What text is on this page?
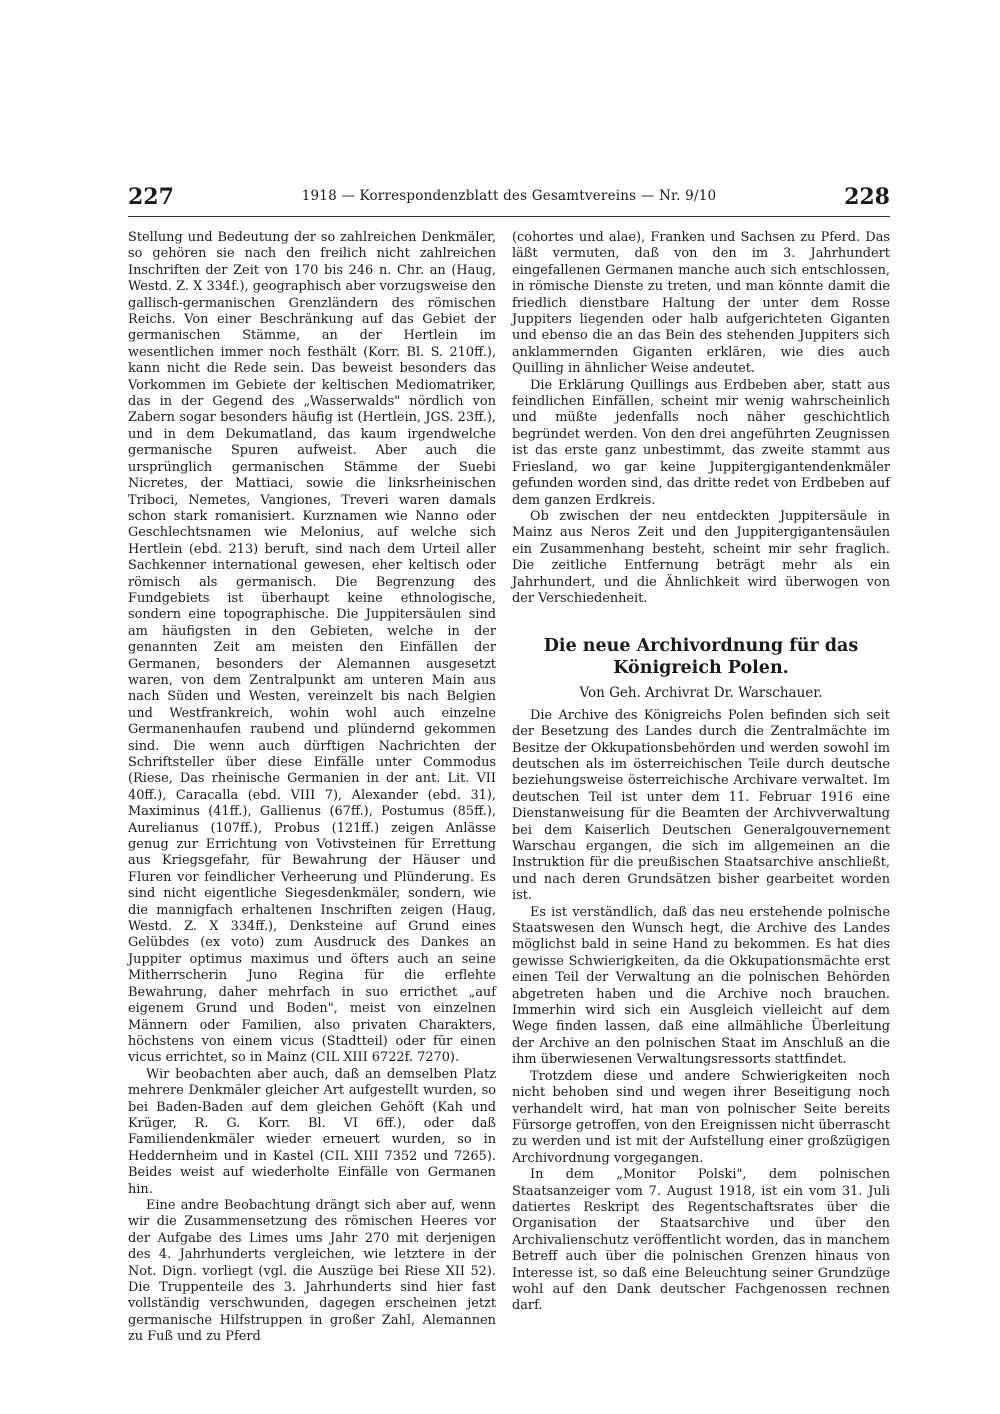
227	1918 — Korrespondenzblatt des Gesamtvereins — Nr. 9/10	228

Stellung und Bedeutung der so zahlreichen Denkmäler, so gehören sie nach den freilich nicht zahlreichen Inschriften der Zeit von 170 bis 246 n. Chr. an (Haug, Westd. Z. X 334f.), geographisch aber vorzugsweise den gallisch-germanischen Grenzländern des römischen Reichs. Von einer Beschränkung auf das Gebiet der germanischen Stämme, an der Hertlein im wesentlichen immer noch festhält (Korr. Bl. S. 210ff.), kann nicht die Rede sein. Das beweist besonders das Vorkommen im Gebiete der keltischen Mediomatriker, das in der Gegend des „Wasserwalds" nördlich von Zabern sogar besonders häufig ist (Hertlein, JGS. 23ff.), und in dem Dekumatland, das kaum irgendwelche germanische Spuren aufweist. Aber auch die ursprünglich germanischen Stämme der Suebi Nicretes, der Mattiaci, sowie die linksrheinischen Triboci, Nemetes, Vangiones, Treveri waren damals schon stark romanisiert. Kurznamen wie Nanno oder Geschlechtsnamen wie Melonius, auf welche sich Hertlein (ebd. 213) beruft, sind nach dem Urteil aller Sachkenner international gewesen, eher keltisch oder römisch als germanisch. Die Begrenzung des Fundgebiets ist überhaupt keine ethnologische, sondern eine topographische. Die Juppitersäulen sind am häufigsten in den Gebieten, welche in der genannten Zeit am meisten den Einfällen der Germanen, besonders der Alemannen ausgesetzt waren, von dem Zentralpunkt am unteren Main aus nach Süden und Westen, vereinzelt bis nach Belgien und Westfrankreich, wohin wohl auch einzelne Germanenhaufen raubend und plündernd gekommen sind. Die wenn auch dürftigen Nachrichten der Schriftsteller über diese Einfälle unter Commodus (Riese, Das rheinische Germanien in der ant. Lit. VII 40ff.), Caracalla (ebd. VIII 7), Alexander (ebd. 31), Maximinus (41ff.), Gallienus (67ff.), Postumus (85ff.), Aurelianus (107ff.), Probus (121ff.) zeigen Anlässe genug zur Errichtung von Votivsteinen für Errettung aus Kriegsgefahr, für Bewahrung der Häuser und Fluren vor feindlicher Verheerung und Plünderung. Es sind nicht eigentliche Siegesdenkmäler, sondern, wie die mannigfach erhaltenen Inschriften zeigen (Haug, Westd. Z. X 334ff.), Denksteine auf Grund eines Gelübdes (ex voto) zum Ausdruck des Dankes an Juppiter optimus maximus und öfters auch an seine Mitherrscherin Juno Regina für die erflehte Bewahrung, daher mehrfach in suo erricthet „auf eigenem Grund und Boden", meist von einzelnen Männern oder Familien, also privaten Charakters, höchstens von einem vicus (Stadtteil) oder für einen vicus errichtet, so in Mainz (CIL XIII 6722f. 7270).

Wir beobachten aber auch, daß an demselben Platz mehrere Denkmäler gleicher Art aufgestellt wurden, so bei Baden-Baden auf dem gleichen Gehöft (Kah und Krüger, R. G. Korr. Bl. VI 6ff.), oder daß Familiendenkmäler wieder erneuert wurden, so in Heddernheim und in Kastel (CIL XIII 7352 und 7265). Beides weist auf wiederholte Einfälle von Germanen hin.

Eine andre Beobachtung drängt sich aber auf, wenn wir die Zusammensetzung des römischen Heeres vor der Aufgabe des Limes ums Jahr 270 mit derjenigen des 4. Jahrhunderts vergleichen, wie letztere in der Not. Dign. vorliegt (vgl. die Auszüge bei Riese XII 52). Die Truppenteile des 3. Jahrhunderts sind hier fast vollständig verschwunden, dagegen erscheinen jetzt germanische Hilfstruppen in großer Zahl, Alemannen zu Fuß und zu Pferd

(cohortes und alae), Franken und Sachsen zu Pferd. Das läßt vermuten, daß von den im 3. Jahrhundert eingefallenen Germanen manche auch sich entschlossen, in römische Dienste zu treten, und man könnte damit die friedlich dienstbare Haltung der unter dem Rosse Juppiters liegenden oder halb aufgerichteten Giganten und ebenso die an das Bein des stehenden Juppiters sich anklammernden Giganten erklären, wie dies auch Quilling in ähnlicher Weise andeutet.

Die Erklärung Quillings aus Erdbeben aber, statt aus feindlichen Einfällen, scheint mir wenig wahrscheinlich und müßte jedenfalls noch näher geschichtlich begründet werden. Von den drei angeführten Zeugnissen ist das erste ganz unbestimmt, das zweite stammt aus Friesland, wo gar keine Juppitergigantendenkmäler gefunden worden sind, das dritte redet von Erdbeben auf dem ganzen Erdkreis.

Ob zwischen der neu entdeckten Juppitersäule in Mainz aus Neros Zeit und den Juppitergigantensäulen ein Zusammenhang besteht, scheint mir sehr fraglich. Die zeitliche Entfernung beträgt mehr als ein Jahrhundert, und die Ähnlichkeit wird überwogen von der Verschiedenheit.

Die neue Archivordnung für das Königreich Polen.
Von Geh. Archivrat Dr. Warschauer.

Die Archive des Königreichs Polen befinden sich seit der Besetzung des Landes durch die Zentralmächte im Besitze der Okkupationsbehörden und werden sowohl im deutschen als im österreichischen Teile durch deutsche beziehungsweise österreichische Archivare verwaltet. Im deutschen Teil ist unter dem 11. Februar 1916 eine Dienstanweisung für die Beamten der Archivverwaltung bei dem Kaiserlich Deutschen Generalgouvernement Warschau ergangen, die sich im allgemeinen an die Instruktion für die preußischen Staatsarchive anschließt, und nach deren Grundsätzen bisher gearbeitet worden ist.

Es ist verständlich, daß das neu erstehende polnische Staatswesen den Wunsch hegt, die Archive des Landes möglichst bald in seine Hand zu bekommen. Es hat dies gewisse Schwierigkeiten, da die Okkupationsmächte erst einen Teil der Verwaltung an die polnischen Behörden abgetreten haben und die Archive noch brauchen. Immerhin wird sich ein Ausgleich vielleicht auf dem Wege finden lassen, daß eine allmähliche Überleitung der Archive an den polnischen Staat im Anschluß an die ihm überwiesenen Verwaltungsressorts stattfindet.

Trotzdem diese und andere Schwierigkeiten noch nicht behoben sind und wegen ihrer Beseitigung noch verhandelt wird, hat man von polnischer Seite bereits Fürsorge getroffen, von den Ereignissen nicht überrascht zu werden und ist mit der Aufstellung einer großzügigen Archivordnung vorgegangen.

In dem „Monitor Polski", dem polnischen Staatsanzeiger vom 7. August 1918, ist ein vom 31. Juli datiertes Reskript des Regentschaftsrates über die Organisation der Staatsarchive und über den Archivalienschutz veröffentlicht worden, das in manchem Betreff auch über die polnischen Grenzen hinaus von Interesse ist, so daß eine Beleuchtung seiner Grundzüge wohl auf den Dank deutscher Fachgenossen rechnen darf.
